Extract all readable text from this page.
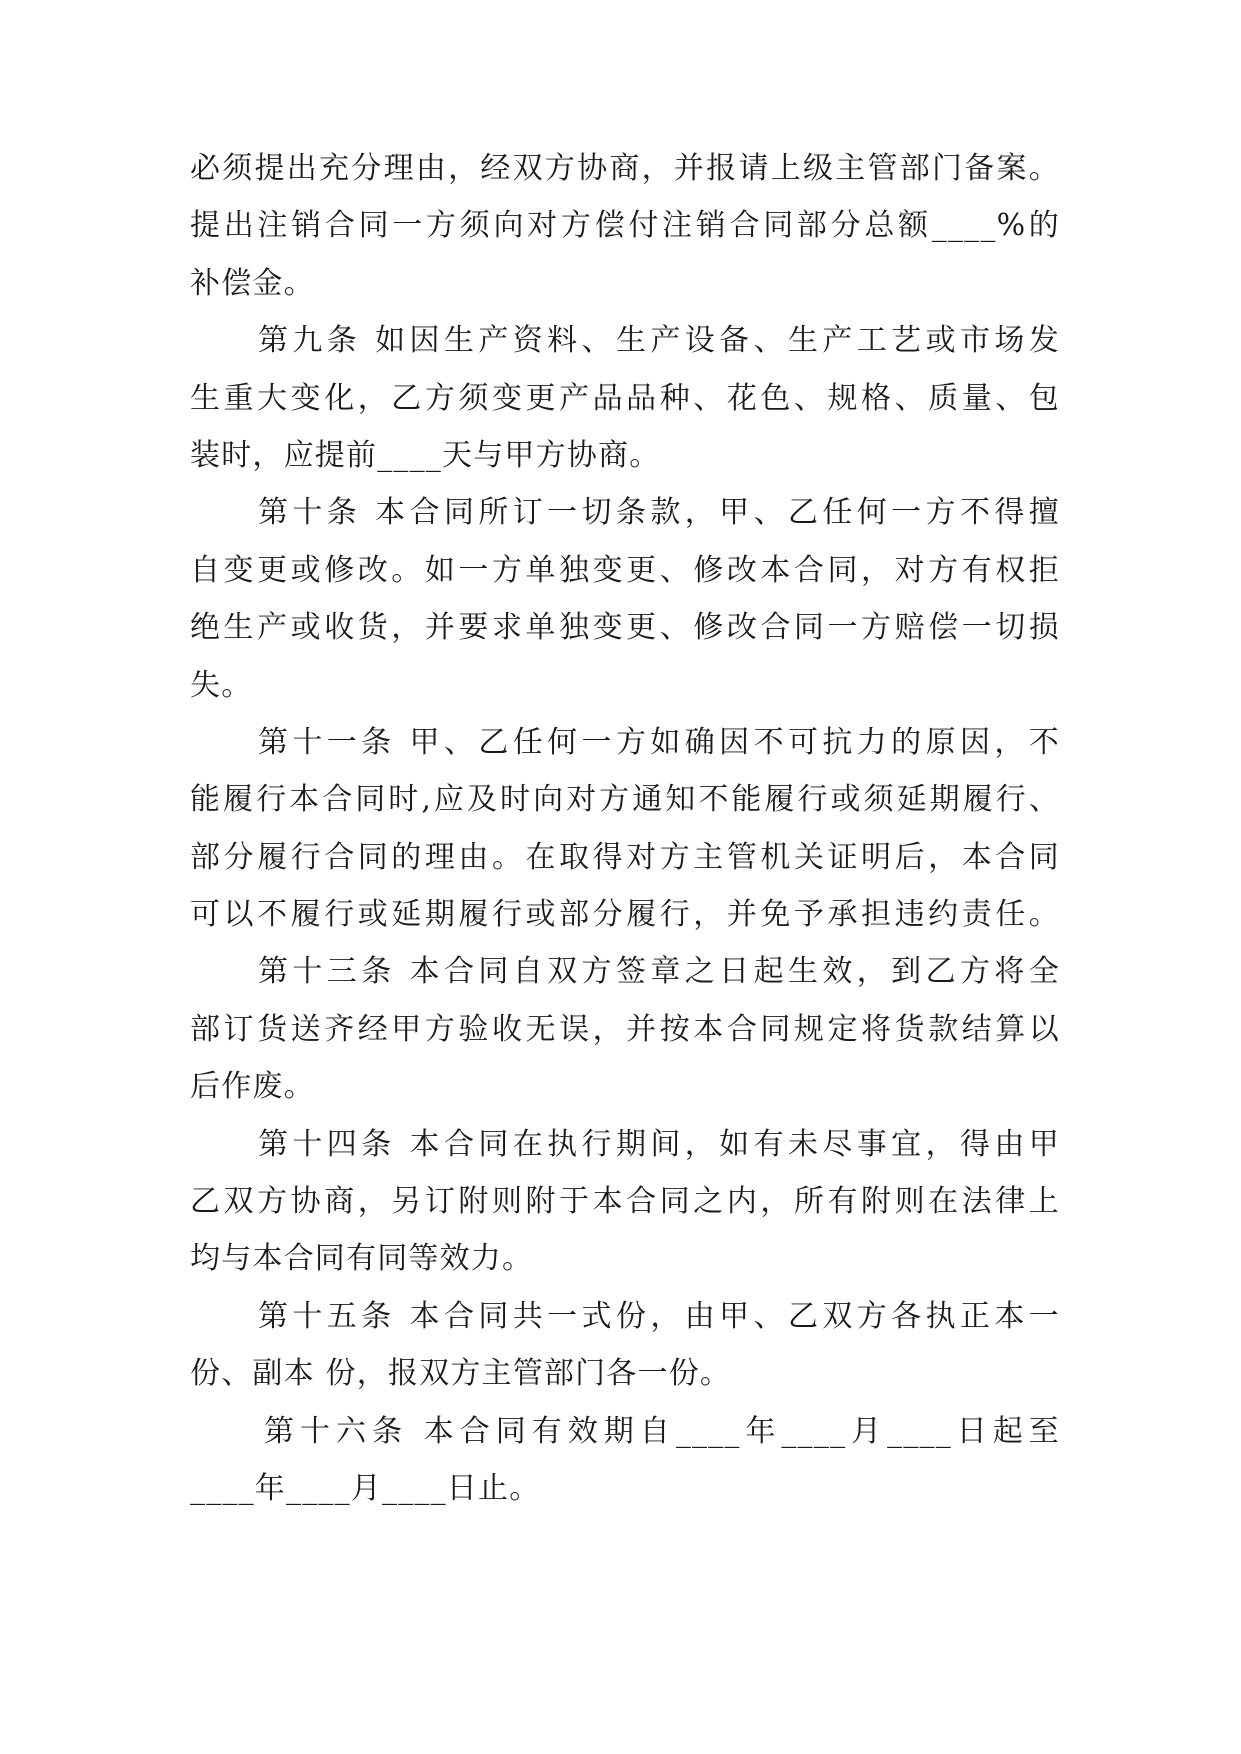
必须提出充分理由，经双方协商，并报请上级主管部门备案。
提出注销合同一方须向对方偿付注销合同部分总额____%的
补偿金。
第九条 如因生产资料、生产设备、生产工艺或市场发
生重大变化，乙方须变更产品品种、花色、规格、质量、包
装时，应提前____天与甲方协商。
第十条 本合同所订一切条款，甲、乙任何一方不得擅
自变更或修改。如一方单独变更、修改本合同，对方有权拒
绝生产或收货，并要求单独变更、修改合同一方赔偿一切损
失。
第十一条 甲、乙任何一方如确因不可抗力的原因，不
能履行本合同时,应及时向对方通知不能履行或须延期履行、
部分履行合同的理由。在取得对方主管机关证明后，本合同
可以不履行或延期履行或部分履行，并免予承担违约责任。
第十三条 本合同自双方签章之日起生效，到乙方将全
部订货送齐经甲方验收无误，并按本合同规定将货款结算以
后作废。
第十四条 本合同在执行期间，如有未尽事宜，得由甲
乙双方协商，另订附则附于本合同之内，所有附则在法律上
均与本合同有同等效力。
第十五条 本合同共一式份，由甲、乙双方各执正本一
份、副本 份，报双方主管部门各一份。
第十六条 本合同有效期自____年____月____日起至
____年____月____日止。
